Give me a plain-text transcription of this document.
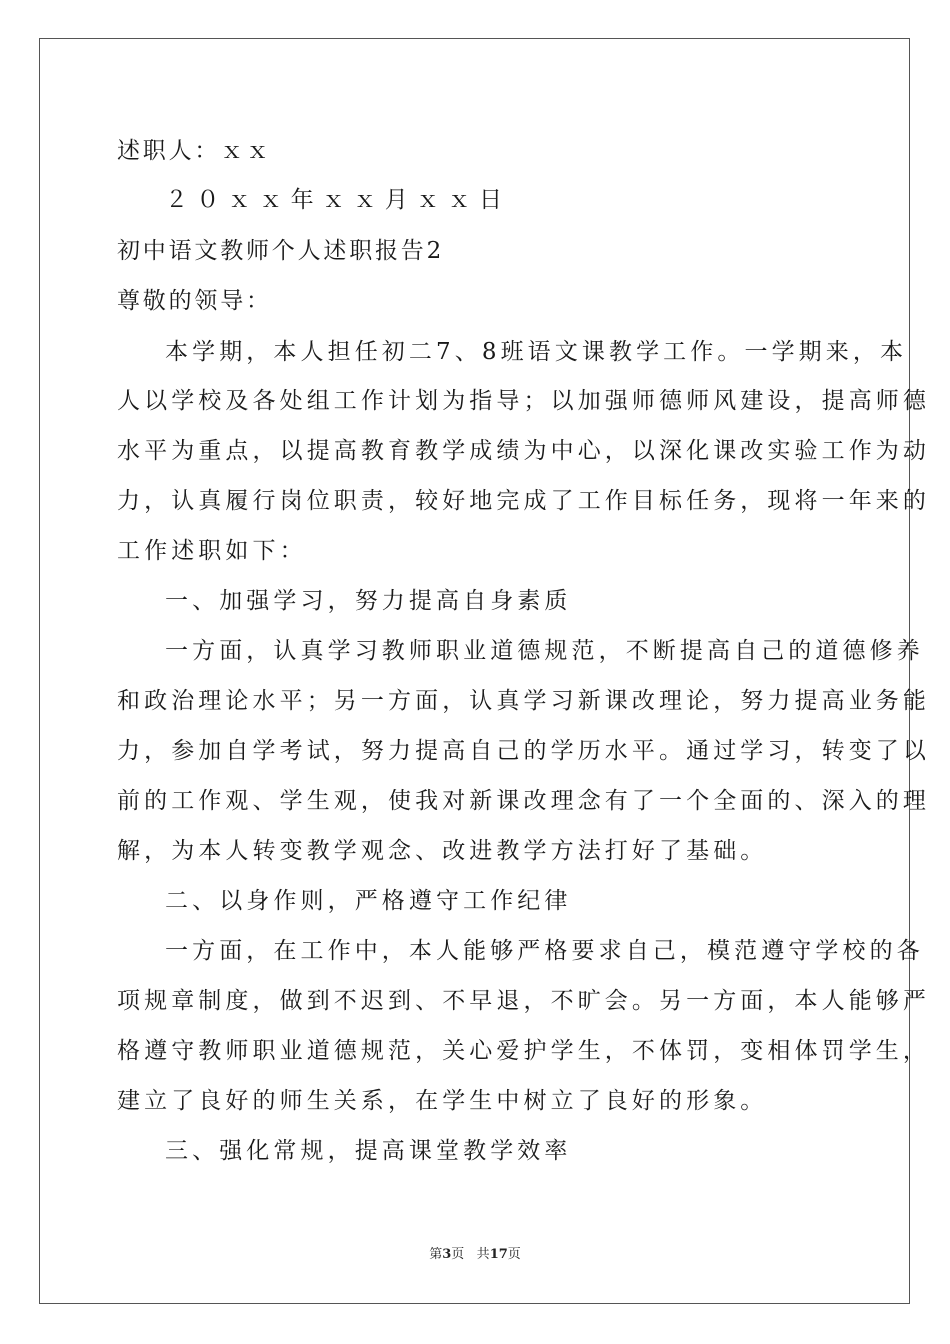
述职人：ｘｘ
２０ｘｘ年ｘｘ月ｘｘ日
初中语文教师个人述职报告2
尊敬的领导：
本学期，本人担任初二7、8班语文课教学工作。一学期来，本
人以学校及各处组工作计划为指导；以加强师德师风建设，提高师德
水平为重点，以提高教育教学成绩为中心，以深化课改实验工作为动
力，认真履行岗位职责，较好地完成了工作目标任务，现将一年来的
工作述职如下：
一、加强学习，努力提高自身素质
一方面，认真学习教师职业道德规范，不断提高自己的道德修养
和政治理论水平；另一方面，认真学习新课改理论，努力提高业务能
力，参加自学考试，努力提高自己的学历水平。通过学习，转变了以
前的工作观、学生观，使我对新课改理念有了一个全面的、深入的理
解，为本人转变教学观念、改进教学方法打好了基础。
二、以身作则，严格遵守工作纪律
一方面，在工作中，本人能够严格要求自己，模范遵守学校的各
项规章制度，做到不迟到、不早退，不旷会。另一方面，本人能够严
格遵守教师职业道德规范，关心爱护学生，不体罚，变相体罚学生，
建立了良好的师生关系，在学生中树立了良好的形象。
三、强化常规，提高课堂教学效率
第3页 共17页
